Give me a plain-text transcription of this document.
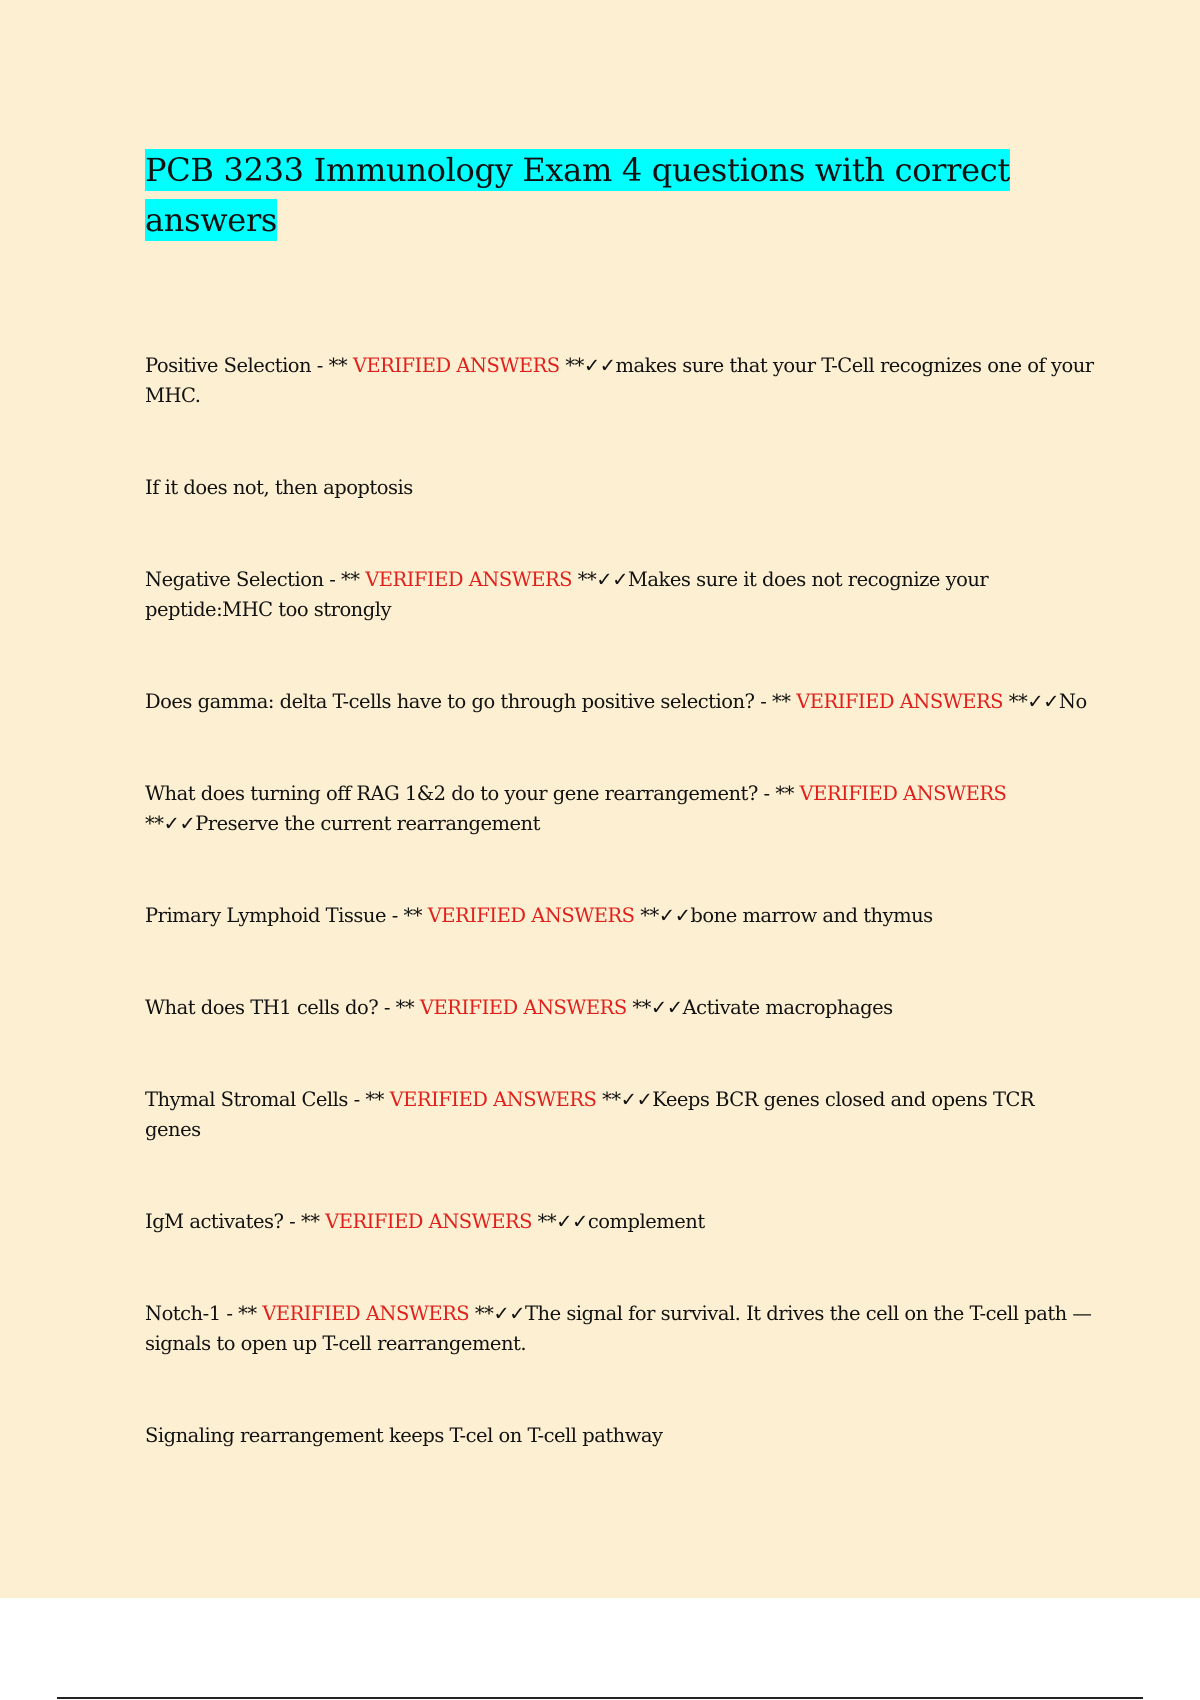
PCB 3233 Immunology Exam 4 questions with correct answers

Positive Selection - ** VERIFIED ANSWERS **✓✓makes sure that your T-Cell recognizes one of your MHC.

If it does not, then apoptosis

Negative Selection - ** VERIFIED ANSWERS **✓✓Makes sure it does not recognize your peptide:MHC too strongly

Does gamma: delta T-cells have to go through positive selection? - ** VERIFIED ANSWERS **✓✓No

What does turning off RAG 1&2 do to your gene rearrangement? - ** VERIFIED ANSWERS **✓✓Preserve the current rearrangement

Primary Lymphoid Tissue - ** VERIFIED ANSWERS **✓✓bone marrow and thymus

What does TH1 cells do? - ** VERIFIED ANSWERS **✓✓Activate macrophages

Thymal Stromal Cells - ** VERIFIED ANSWERS **✓✓Keeps BCR genes closed and opens TCR genes

IgM activates? - ** VERIFIED ANSWERS **✓✓complement

Notch-1 - ** VERIFIED ANSWERS **✓✓The signal for survival. It drives the cell on the T-cell path — signals to open up T-cell rearrangement.

Signaling rearrangement keeps T-cel on T-cell pathway
